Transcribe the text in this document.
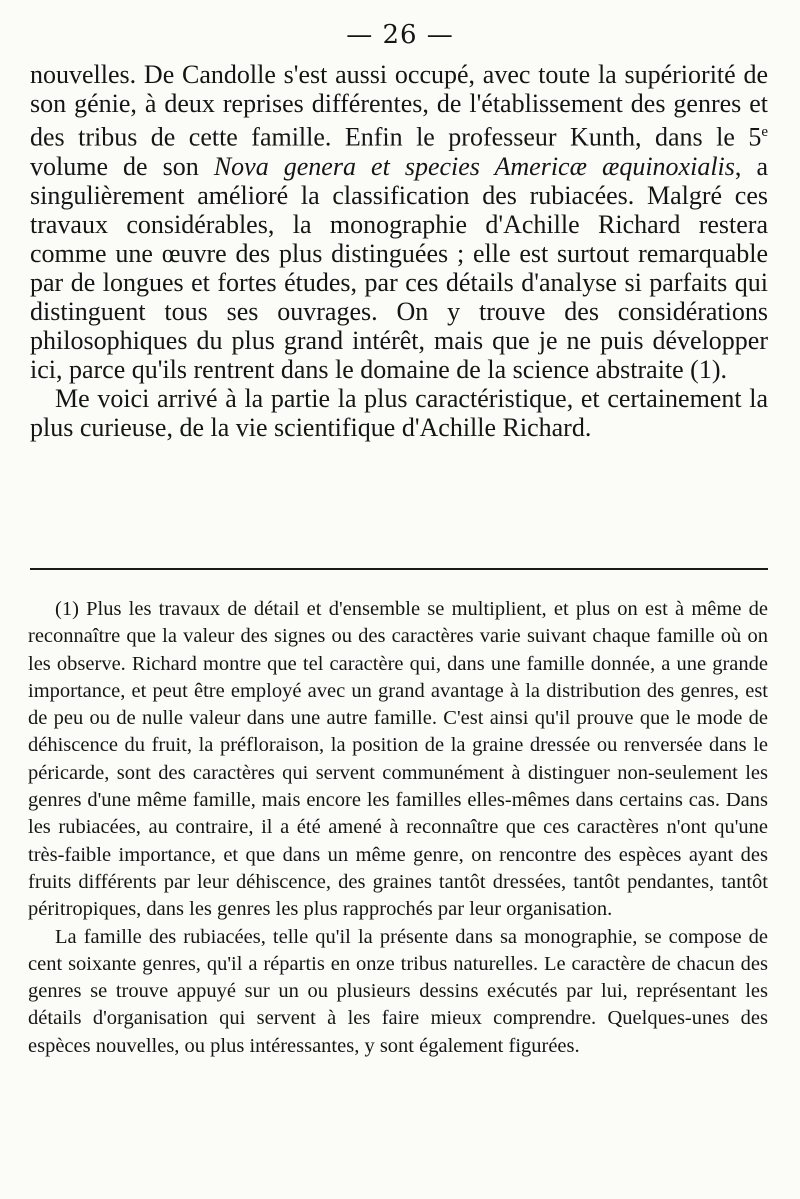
— 26 —

nouvelles. De Candolle s'est aussi occupé, avec toute la supériorité de son génie, à deux reprises différentes, de l'établissement des genres et des tribus de cette famille. Enfin le professeur Kunth, dans le 5e volume de son Nova genera et species Americæ æquinoxialis, a singulièrement amélioré la classification des rubiacées. Malgré ces travaux considérables, la monographie d'Achille Richard restera comme une œuvre des plus distinguées ; elle est surtout remarquable par de longues et fortes études, par ces détails d'analyse si parfaits qui distinguent tous ses ouvrages. On y trouve des considérations philosophiques du plus grand intérêt, mais que je ne puis développer ici, parce qu'ils rentrent dans le domaine de la science abstraite (1).

Me voici arrivé à la partie la plus caractéristique, et certainement la plus curieuse, de la vie scientifique d'Achille Richard.

(1) Plus les travaux de détail et d'ensemble se multiplient, et plus on est à même de reconnaître que la valeur des signes ou des caractères varie suivant chaque famille où on les observe. Richard montre que tel caractère qui, dans une famille donnée, a une grande importance, et peut être employé avec un grand avantage à la distribution des genres, est de peu ou de nulle valeur dans une autre famille. C'est ainsi qu'il prouve que le mode de déhiscence du fruit, la préfloraison, la position de la graine dressée ou renversée dans le péricarde, sont des caractères qui servent communément à distinguer non-seulement les genres d'une même famille, mais encore les familles elles-mêmes dans certains cas. Dans les rubiacées, au contraire, il a été amené à reconnaître que ces caractères n'ont qu'une très-faible importance, et que dans un même genre, on rencontre des espèces ayant des fruits différents par leur déhiscence, des graines tantôt dressées, tantôt pendantes, tantôt péritropiques, dans les genres les plus rapprochés par leur organisation.

La famille des rubiacées, telle qu'il la présente dans sa monographie, se compose de cent soixante genres, qu'il a répartis en onze tribus naturelles. Le caractère de chacun des genres se trouve appuyé sur un ou plusieurs dessins exécutés par lui, représentant les détails d'organisation qui servent à les faire mieux comprendre. Quelques-unes des espèces nouvelles, ou plus intéressantes, y sont également figurées.
